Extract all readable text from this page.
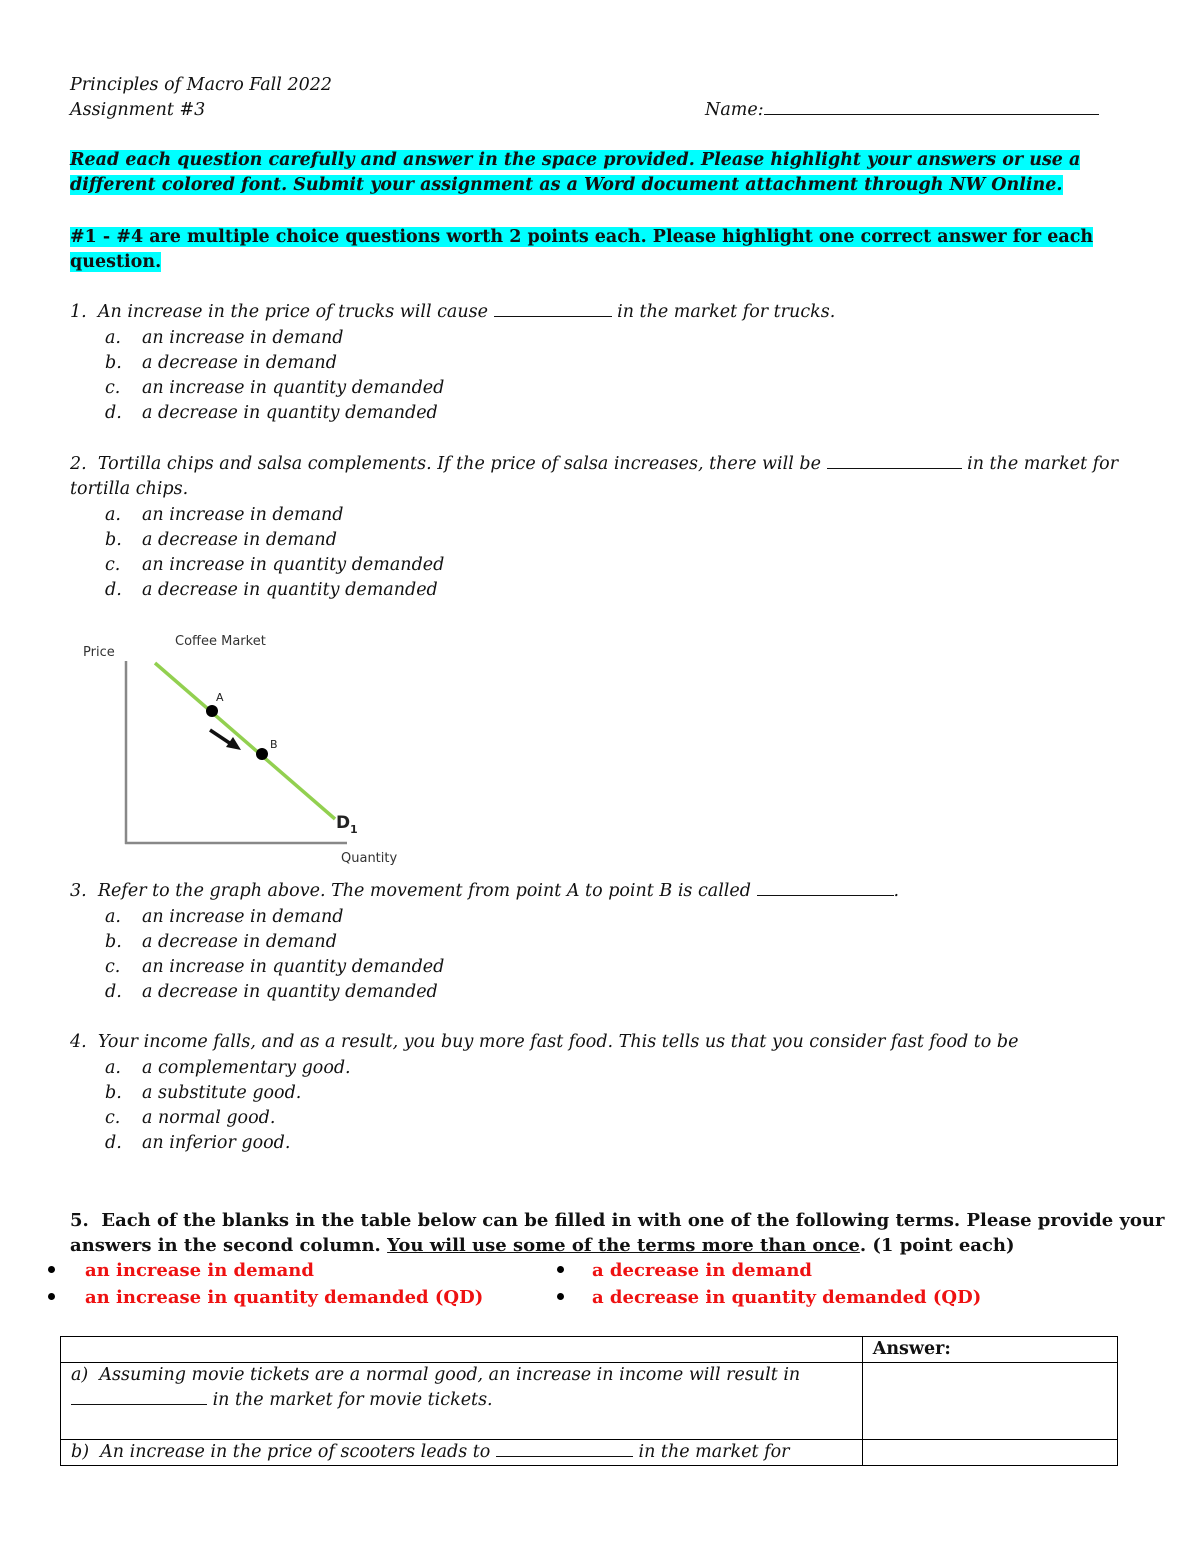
Principles of Macro Fall 2022
Assignment #3	Name:
Read each question carefully and answer in the space provided. Please highlight your answers or use a
different colored font. Submit your assignment as a Word document attachment through NW Online.
#1 - #4 are multiple choice questions worth 2 points each. Please highlight one correct answer for each
question.
1. An increase in the price of trucks will cause	in the market for trucks.
a. an increase in demand
b. a decrease in demand
c. an increase in quantity demanded
d. a decrease in quantity demanded
2. Tortilla chips and salsa complements. If the price of salsa increases, there will be	in the market for
tortilla chips.
a. an increase in demand
b. a decrease in demand
c. an increase in quantity demanded
d. a decrease in quantity demanded
Coffee Market
Price
Quantity
A
B
D 1
3. Refer to the graph above. The movement from point A to point B is called	.
a. an increase in demand
b. a decrease in demand
c. an increase in quantity demanded
d. a decrease in quantity demanded
4. Your income falls, and as a result, you buy more fast food. This tells us that you consider fast food to be
a. a complementary good.
b. a substitute good.
c. a normal good.
d. an inferior good.
5. Each of the blanks in the table below can be filled in with one of the following terms. Please provide your
answers in the second column. You will use some of the terms more than once. (1 point each)
an increase in demand	a decrease in demand
an increase in quantity demanded (QD)	a decrease in quantity demanded (QD)
	Answer:

a) Assuming movie tickets are a normal good, an increase in income will result in
in the market for movie tickets.	

b) An increase in the price of scooters leads to in the market for	
